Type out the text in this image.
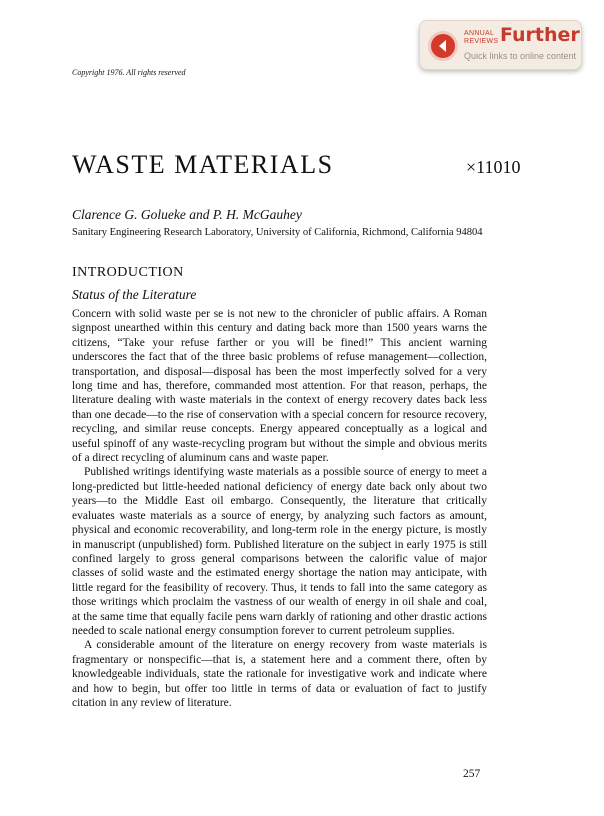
ANNUAL REVIEWS Further
Quick links to online content
Copyright 1976. All rights reserved
WASTE MATERIALS	×11010
Clarence G. Golueke and P. H. McGauhey
Sanitary Engineering Research Laboratory, University of California, Richmond, California 94804
INTRODUCTION
Status of the Literature

Concern with solid waste per se is not new to the chronicler of public affairs. A Roman signpost unearthed within this century and dating back more than 1500 years warns the citizens, “Take your refuse farther or you will be fined!” This ancient warning underscores the fact that of the three basic problems of refuse management—collection, transportation, and disposal—disposal has been the most imperfectly solved for a very long time and has, therefore, commanded most attention. For that reason, perhaps, the literature dealing with waste materials in the context of energy recovery dates back less than one decade—to the rise of conservation with a special concern for resource recovery, recycling, and similar reuse concepts. Energy appeared conceptually as a logical and useful spinoff of any waste-recycling program but without the simple and obvious merits of a direct recycling of aluminum cans and waste paper.

Published writings identifying waste materials as a possible source of energy to meet a long-predicted but little-heeded national deficiency of energy date back only about two years—to the Middle East oil embargo. Consequently, the literature that critically evaluates waste materials as a source of energy, by analyzing such factors as amount, physical and economic recoverability, and long-term role in the energy picture, is mostly in manuscript (unpublished) form. Published literature on the subject in early 1975 is still confined largely to gross general comparisons between the calorific value of major classes of solid waste and the estimated energy shortage the nation may anticipate, with little regard for the feasibility of recovery. Thus, it tends to fall into the same category as those writings which proclaim the vastness of our wealth of energy in oil shale and coal, at the same time that equally facile pens warn darkly of rationing and other drastic actions needed to scale national energy consumption forever to current petroleum supplies.

A considerable amount of the literature on energy recovery from waste materials is fragmentary or nonspecific—that is, a statement here and a comment there, often by knowledgeable individuals, state the rationale for investigative work and indicate where and how to begin, but offer too little in terms of data or evaluation of fact to justify citation in any review of literature.

257
